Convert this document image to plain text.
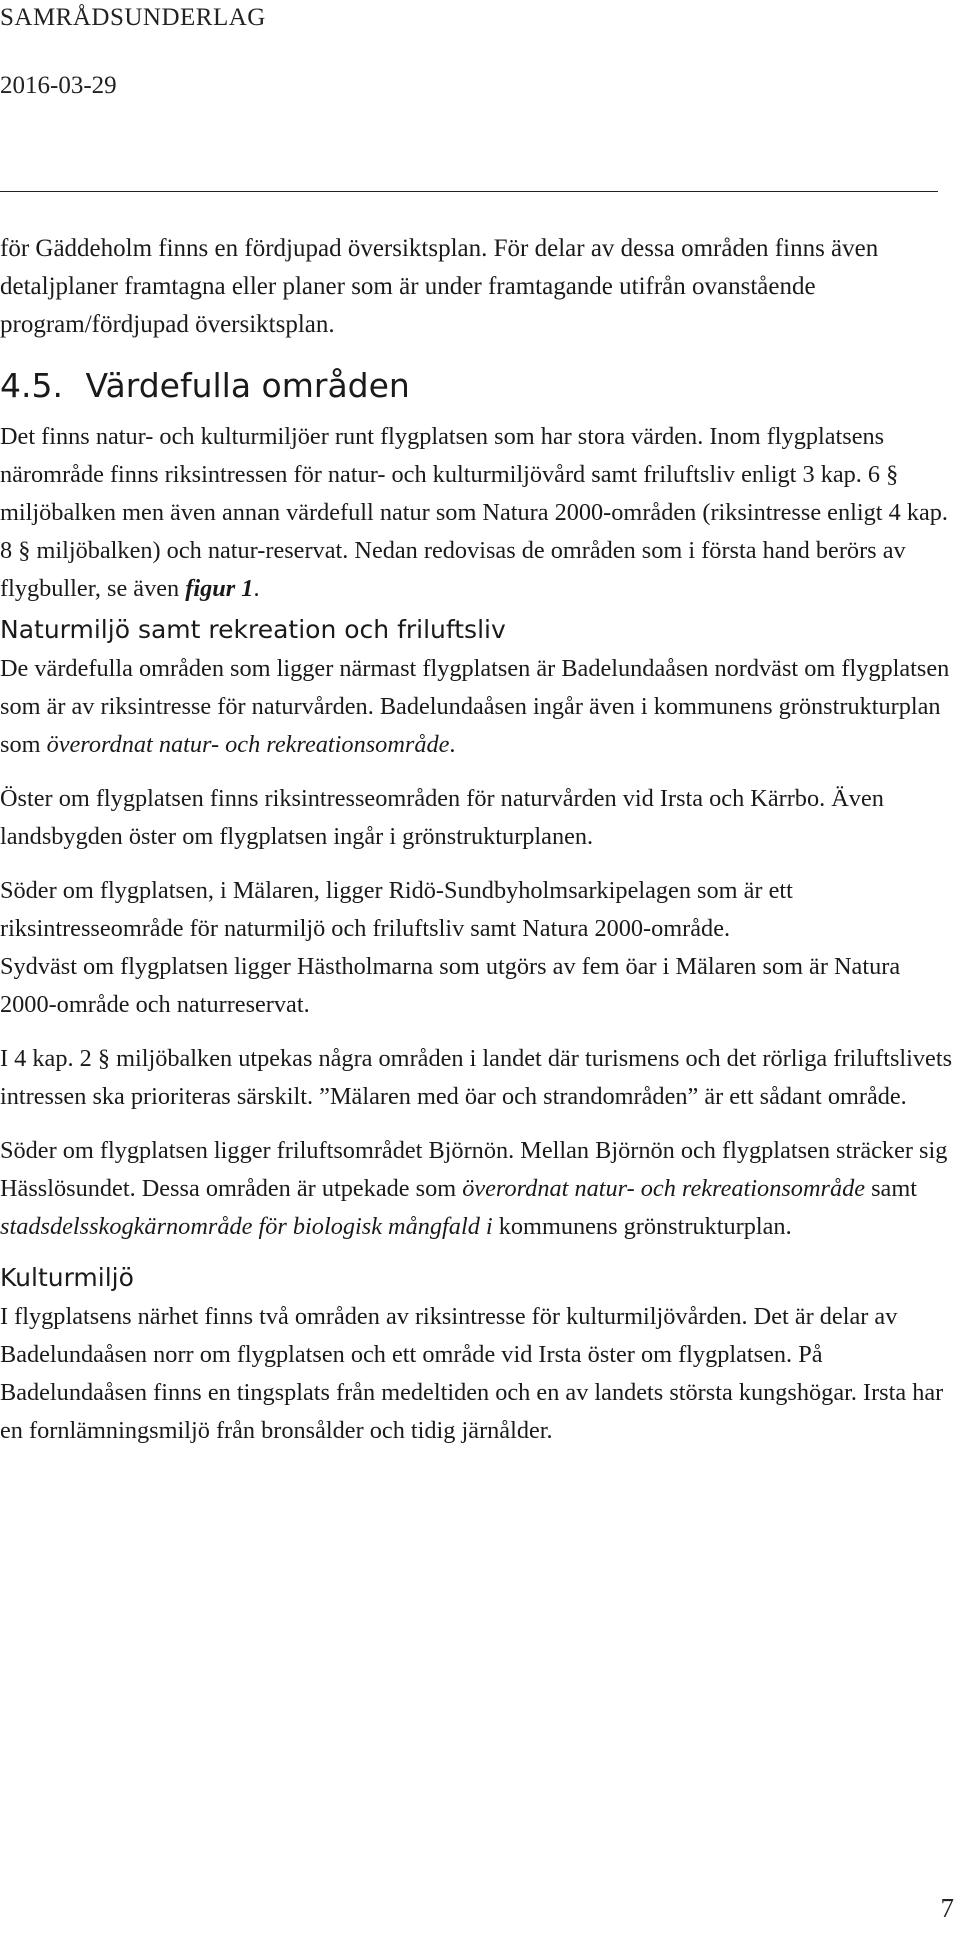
SAMRÅDSUNDERLAG
2016-03-29

för Gäddeholm finns en fördjupad översiktsplan. För delar av dessa områden finns även detaljplaner framtagna eller planer som är under framtagande utifrån ovanstående program/fördjupad översiktsplan.

4.5. Värdefulla områden

Det finns natur- och kulturmiljöer runt flygplatsen som har stora värden. Inom flygplatsens närområde finns riksintressen för natur- och kulturmiljövård samt friluftsliv enligt 3 kap. 6 § miljöbalken men även annan värdefull natur som Natura 2000-områden (riksintresse enligt 4 kap. 8 § miljöbalken) och natur-reservat. Nedan redovisas de områden som i första hand berörs av flygbuller, se även figur 1.

Naturmiljö samt rekreation och friluftsliv

De värdefulla områden som ligger närmast flygplatsen är Badelundaåsen nordväst om flygplatsen som är av riksintresse för naturvården. Badelundaåsen ingår även i kommunens grönstrukturplan som överordnat natur- och rekreationsområde.

Öster om flygplatsen finns riksintresseområden för naturvården vid Irsta och Kärrbo. Även landsbygden öster om flygplatsen ingår i grönstrukturplanen.

Söder om flygplatsen, i Mälaren, ligger Ridö-Sundbyholmsarkipelagen som är ett riksintresseområde för naturmiljö och friluftsliv samt Natura 2000-område.

Sydväst om flygplatsen ligger Hästholmarna som utgörs av fem öar i Mälaren som är Natura 2000-område och naturreservat.

I 4 kap. 2 § miljöbalken utpekas några områden i landet där turismens och det rörliga friluftslivets intressen ska prioriteras särskilt. ”Mälaren med öar och strandområden” är ett sådant område.

Söder om flygplatsen ligger friluftsområdet Björnön. Mellan Björnön och flygplatsen sträcker sig Hässlösundet. Dessa områden är utpekade som överordnat natur- och rekreationsområde samt stadsdelsskogkärnområde för biologisk mångfald i kommunens grönstrukturplan.

Kulturmiljö

I flygplatsens närhet finns två områden av riksintresse för kulturmiljövården. Det är delar av Badelundaåsen norr om flygplatsen och ett område vid Irsta öster om flygplatsen. På Badelundaåsen finns en tingsplats från medeltiden och en av landets största kungshögar. Irsta har en fornlämningsmiljö från bronsålder och tidig järnålder.

7
